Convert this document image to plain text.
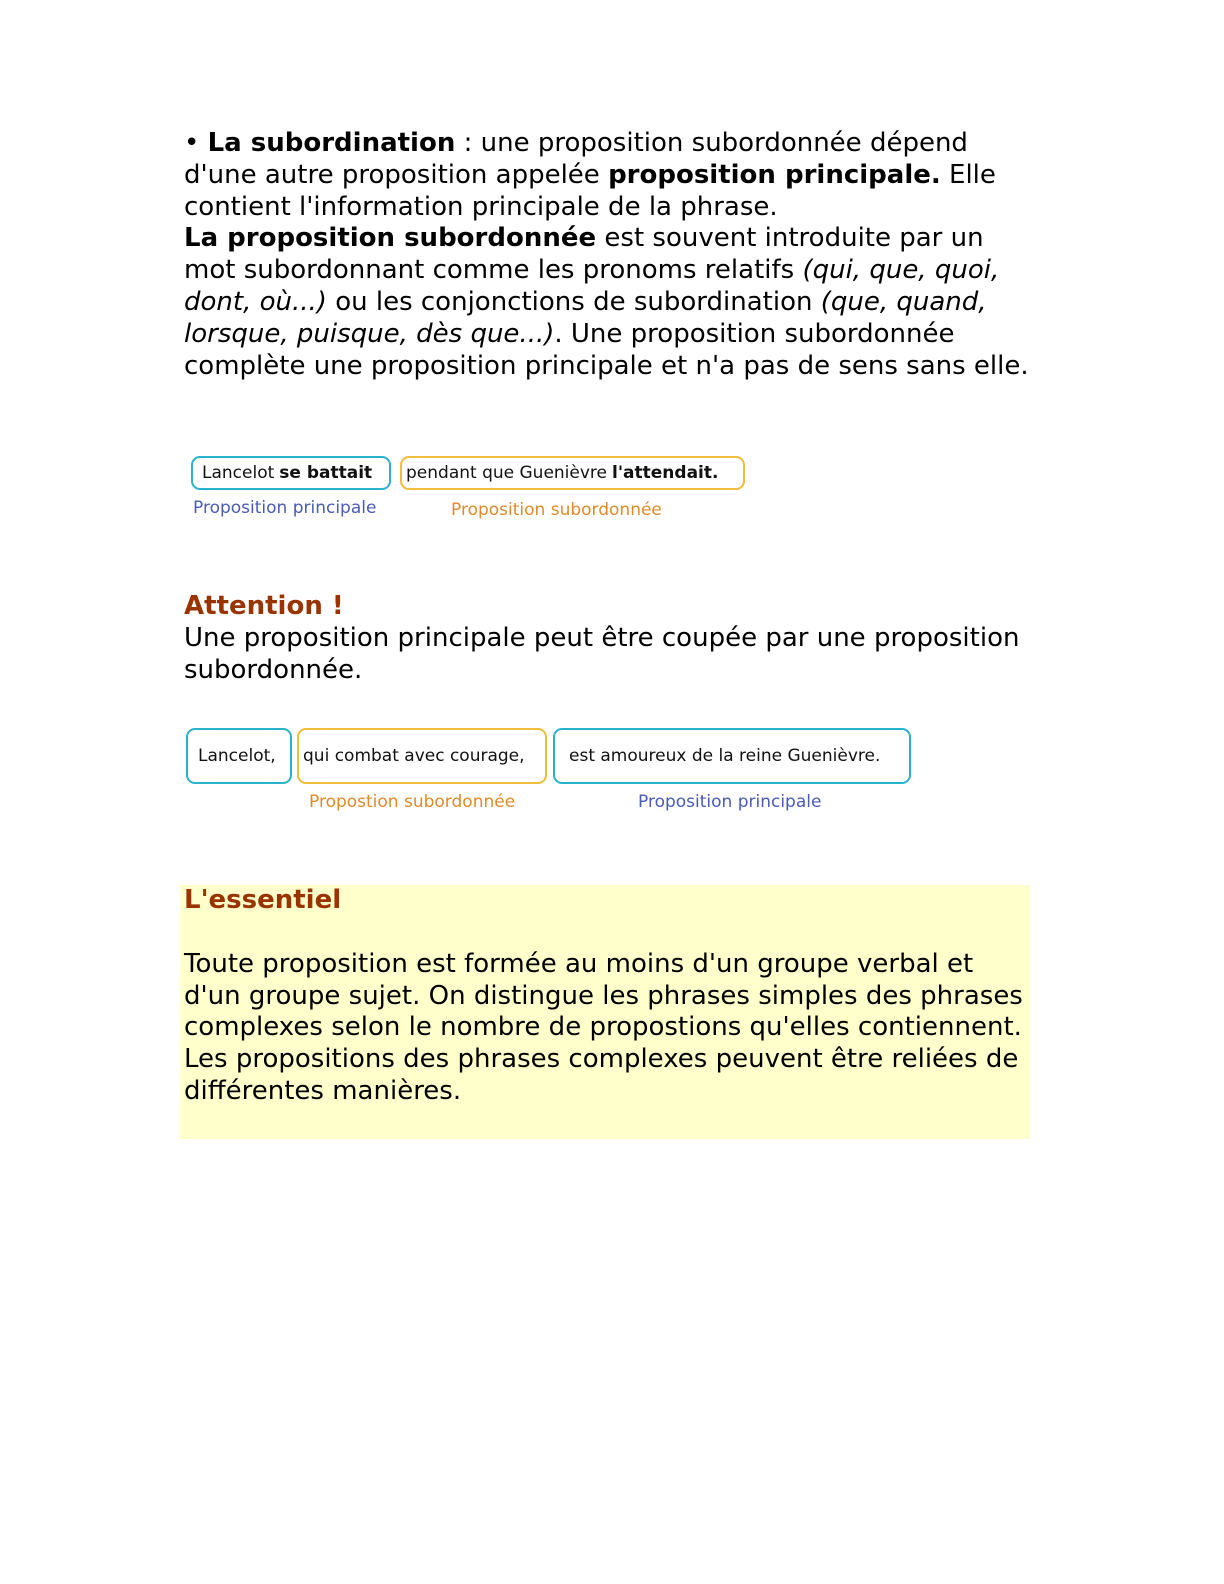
• La subordination : une proposition subordonnée dépend d'une autre proposition appelée proposition principale. Elle contient l'information principale de la phrase.
La proposition subordonnée est souvent introduite par un mot subordonnant comme les pronoms relatifs (qui, que, quoi, dont, où...) ou les conjonctions de subordination (que, quand, lorsque, puisque, dès que...). Une proposition subordonnée complète une proposition principale et n'a pas de sens sans elle.

Lancelot se battait pendant que Guenièvre l'attendait.
Proposition principale	Proposition subordonnée

Attention !

Une proposition principale peut être coupée par une proposition subordonnée.

Lancelot, qui combat avec courage,	est amoureux de la reine Guenièvre.
Propostion subordonnée	Proposition principale

L'essentiel

Toute proposition est formée au moins d'un groupe verbal et d'un groupe sujet. On distingue les phrases simples des phrases complexes selon le nombre de propostions qu'elles contiennent.

Les propositions des phrases complexes peuvent être reliées de différentes manières.
